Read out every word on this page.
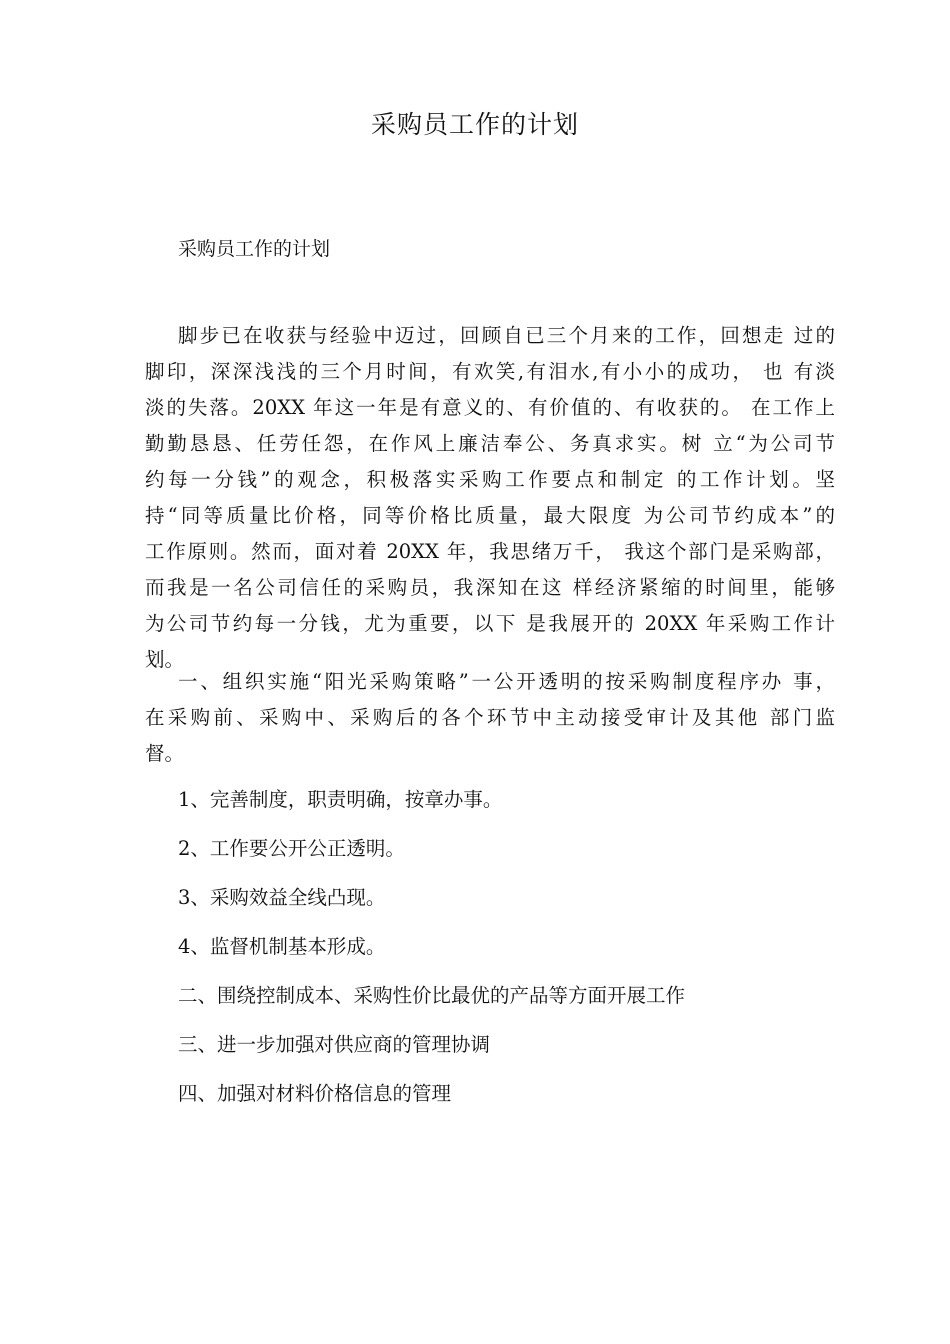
采购员工作的计划
采购员工作的计划
脚步已在收获与经验中迈过，回顾自已三个月来的工作，回想走 过的
脚印，深深浅浅的三个月时间，有欢笑,有泪水,有小小的成功， 也 有淡
淡的失落。20XX 年这一年是有意义的、有价值的、有收获的。 在工作上
勤勤恳恳、任劳任怨，在作风上廉洁奉公、务真求实。树 立“为公司节
约每一分钱”的观念，积极落实采购工作要点和制定 的工作计划。坚
持“同等质量比价格，同等价格比质量，最大限度 为公司节约成本”的
工作原则。然而，面对着 20XX 年，我思绪万千， 我这个部门是采购部，
而我是一名公司信任的采购员，我深知在这 样经济紧缩的时间里，能够
为公司节约每一分钱，尤为重要，以下 是我展开的 20XX 年采购工作计
划。
一、组织实施“阳光采购策略”一公开透明的按采购制度程序办 事，
在采购前、采购中、采购后的各个环节中主动接受审计及其他 部门监
督。
1、完善制度，职责明确，按章办事。
2、工作要公开公正透明。
3、采购效益全线凸现。
4、监督机制基本形成。
二、围绕控制成本、采购性价比最优的产品等方面开展工作
三、进一步加强对供应商的管理协调
四、加强对材料价格信息的管理
